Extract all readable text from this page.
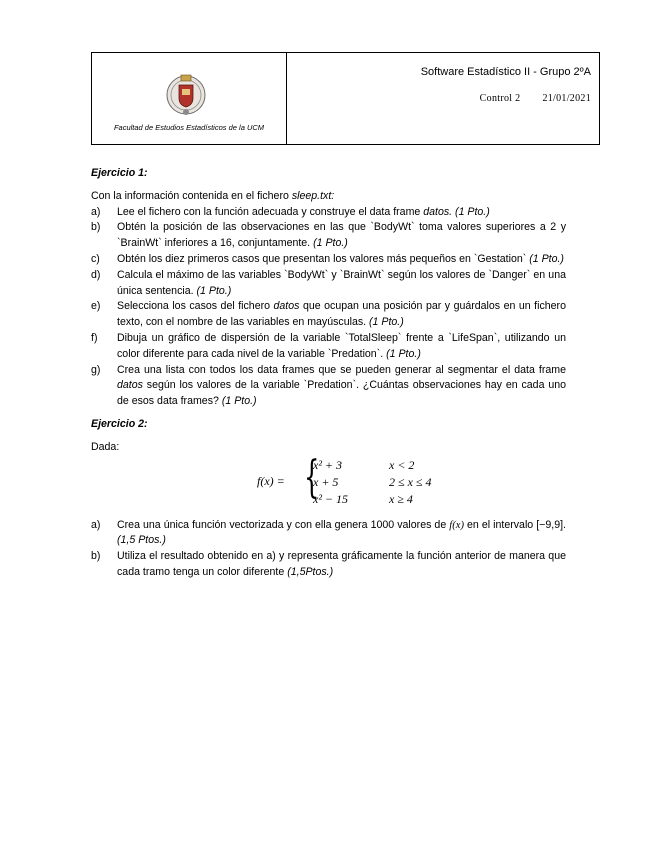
Facultad de Estudios Estadísticos de la UCM
Software Estadístico II - Grupo 2ºA
Control 2 21/01/2021

Ejercicio 1:

Con la información contenida en el fichero sleep.txt:

a)	Lee el fichero con la función adecuada y construye el data frame datos. (1 Pto.)
b)	Obtén la posición de las observaciones en las que `BodyWt` toma valores superiores a 2 y `BrainWt` inferiores a 16, conjuntamente. (1 Pto.)
c)	Obtén los diez primeros casos que presentan los valores más pequeños en `Gestation` (1 Pto.)
d)	Calcula el máximo de las variables `BodyWt` y `BrainWt` según los valores de `Danger` en una única sentencia. (1 Pto.)
e)	Selecciona los casos del fichero datos que ocupan una posición par y guárdalos en un fichero texto, con el nombre de las variables en mayúsculas. (1 Pto.)
f)	Dibuja un gráfico de dispersión de la variable `TotalSleep` frente a `LifeSpan`, utilizando un color diferente para cada nivel de la variable `Predation`. (1 Pto.)
g)	Crea una lista con todos los data frames que se pueden generar al segmentar el data frame datos según los valores de la variable `Predation`. ¿Cuántas observaciones hay en cada uno de esos data frames? (1 Pto.)

Ejercicio 2:

Dada:

f(x) = {
x² + 3	x < 2
x + 5	2 ≤ x ≤ 4
x² − 15	x ≥ 4
a)	Crea una única función vectorizada y con ella genera 1000 valores de f(x) en el intervalo [−9,9]. (1,5 Ptos.)
b)	Utiliza el resultado obtenido en a) y representa gráficamente la función anterior de manera que cada tramo tenga un color diferente (1,5Ptos.)
